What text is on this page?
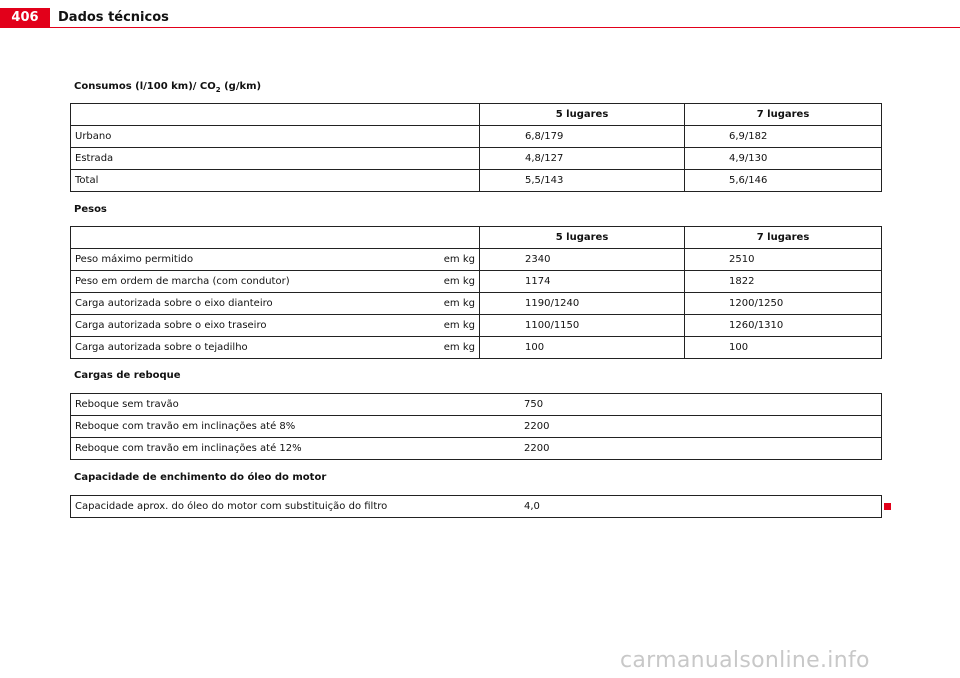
406	Dados técnicos
Consumos (l/100 km)/ $CO_2$ (g/km)
	5 lugares	7 lugares
Urbano	6,8/179	6,9/182
Estrada	4,8/127	4,9/130
Total	5,5/143	5,6/146
Pesos
	5 lugares	7 lugares
Peso máximo permitido em kg	2340	2510
Peso em ordem de marcha (com condutor) em kg	1174	1822
Carga autorizada sobre o eixo dianteiro em kg	1190/1240	1200/1250
Carga autorizada sobre o eixo traseiro em kg	1100/1150	1260/1310
Carga autorizada sobre o tejadilho em kg	100	100
Cargas de reboque
Reboque sem travão	750
Reboque com travão em inclinações até 8%	2200
Reboque com travão em inclinações até 12%	2200
Capacidade de enchimento do óleo do motor
Capacidade aprox. do óleo do motor com substituição do filtro	4,0
carmanualsonline.info
